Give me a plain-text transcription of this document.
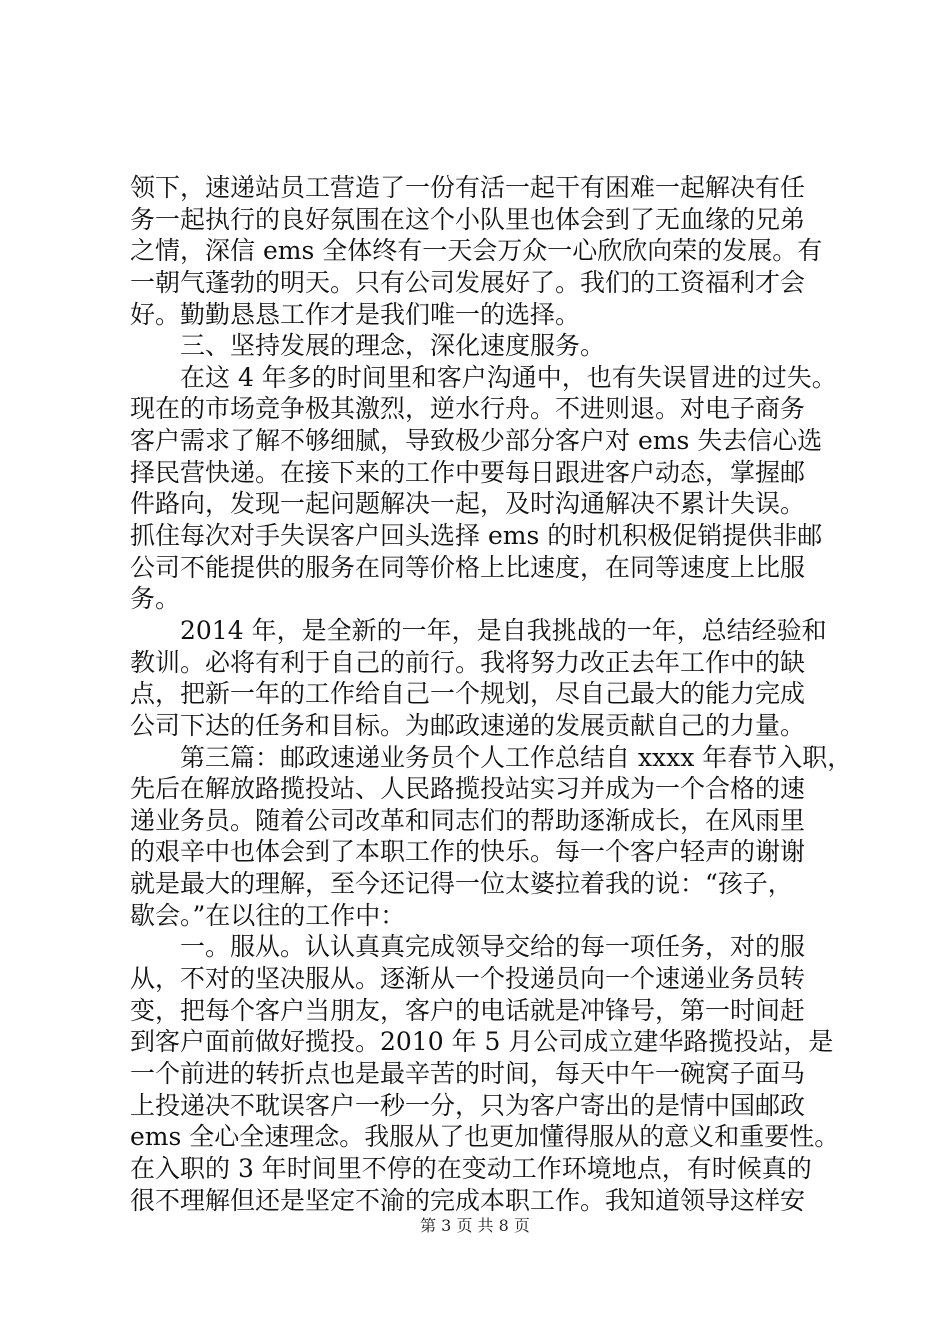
领下，速递站员工营造了一份有活一起干有困难一起解决有任
务一起执行的良好氛围在这个小队里也体会到了无血缘的兄弟
之情，深信 ems 全体终有一天会万众一心欣欣向荣的发展。有
一朝气蓬勃的明天。只有公司发展好了。我们的工资福利才会
好。勤勤恳恳工作才是我们唯一的选择。
　　三、坚持发展的理念，深化速度服务。
　　在这 4 年多的时间里和客户沟通中，也有失误冒进的过失。
现在的市场竞争极其激烈，逆水行舟。不进则退。对电子商务
客户需求了解不够细腻，导致极少部分客户对 ems 失去信心选
择民营快递。在接下来的工作中要每日跟进客户动态，掌握邮
件路向，发现一起问题解决一起，及时沟通解决不累计失误。
抓住每次对手失误客户回头选择 ems 的时机积极促销提供非邮
公司不能提供的服务在同等价格上比速度，在同等速度上比服
务。
　　2014 年，是全新的一年，是自我挑战的一年，总结经验和
教训。必将有利于自己的前行。我将努力改正去年工作中的缺
点，把新一年的工作给自己一个规划，尽自己最大的能力完成
公司下达的任务和目标。为邮政速递的发展贡献自己的力量。
　　第三篇：邮政速递业务员个人工作总结自 xxxx 年春节入职，
先后在解放路揽投站、人民路揽投站实习并成为一个合格的速
递业务员。随着公司改革和同志们的帮助逐渐成长，在风雨里
的艰辛中也体会到了本职工作的快乐。每一个客户轻声的谢谢
就是最大的理解，至今还记得一位太婆拉着我的说：“孩子，
歇会。”在以往的工作中：
　　一。服从。认认真真完成领导交给的每一项任务，对的服
从，不对的坚决服从。逐渐从一个投递员向一个速递业务员转
变，把每个客户当朋友，客户的电话就是冲锋号，第一时间赶
到客户面前做好揽投。2010 年 5 月公司成立建华路揽投站，是
一个前进的转折点也是最辛苦的时间，每天中午一碗窝子面马
上投递决不耽误客户一秒一分，只为客户寄出的是情中国邮政
ems 全心全速理念。我服从了也更加懂得服从的意义和重要性。
在入职的 3 年时间里不停的在变动工作环境地点，有时候真的
很不理解但还是坚定不渝的完成本职工作。我知道领导这样安
第 3 页 共 8 页
